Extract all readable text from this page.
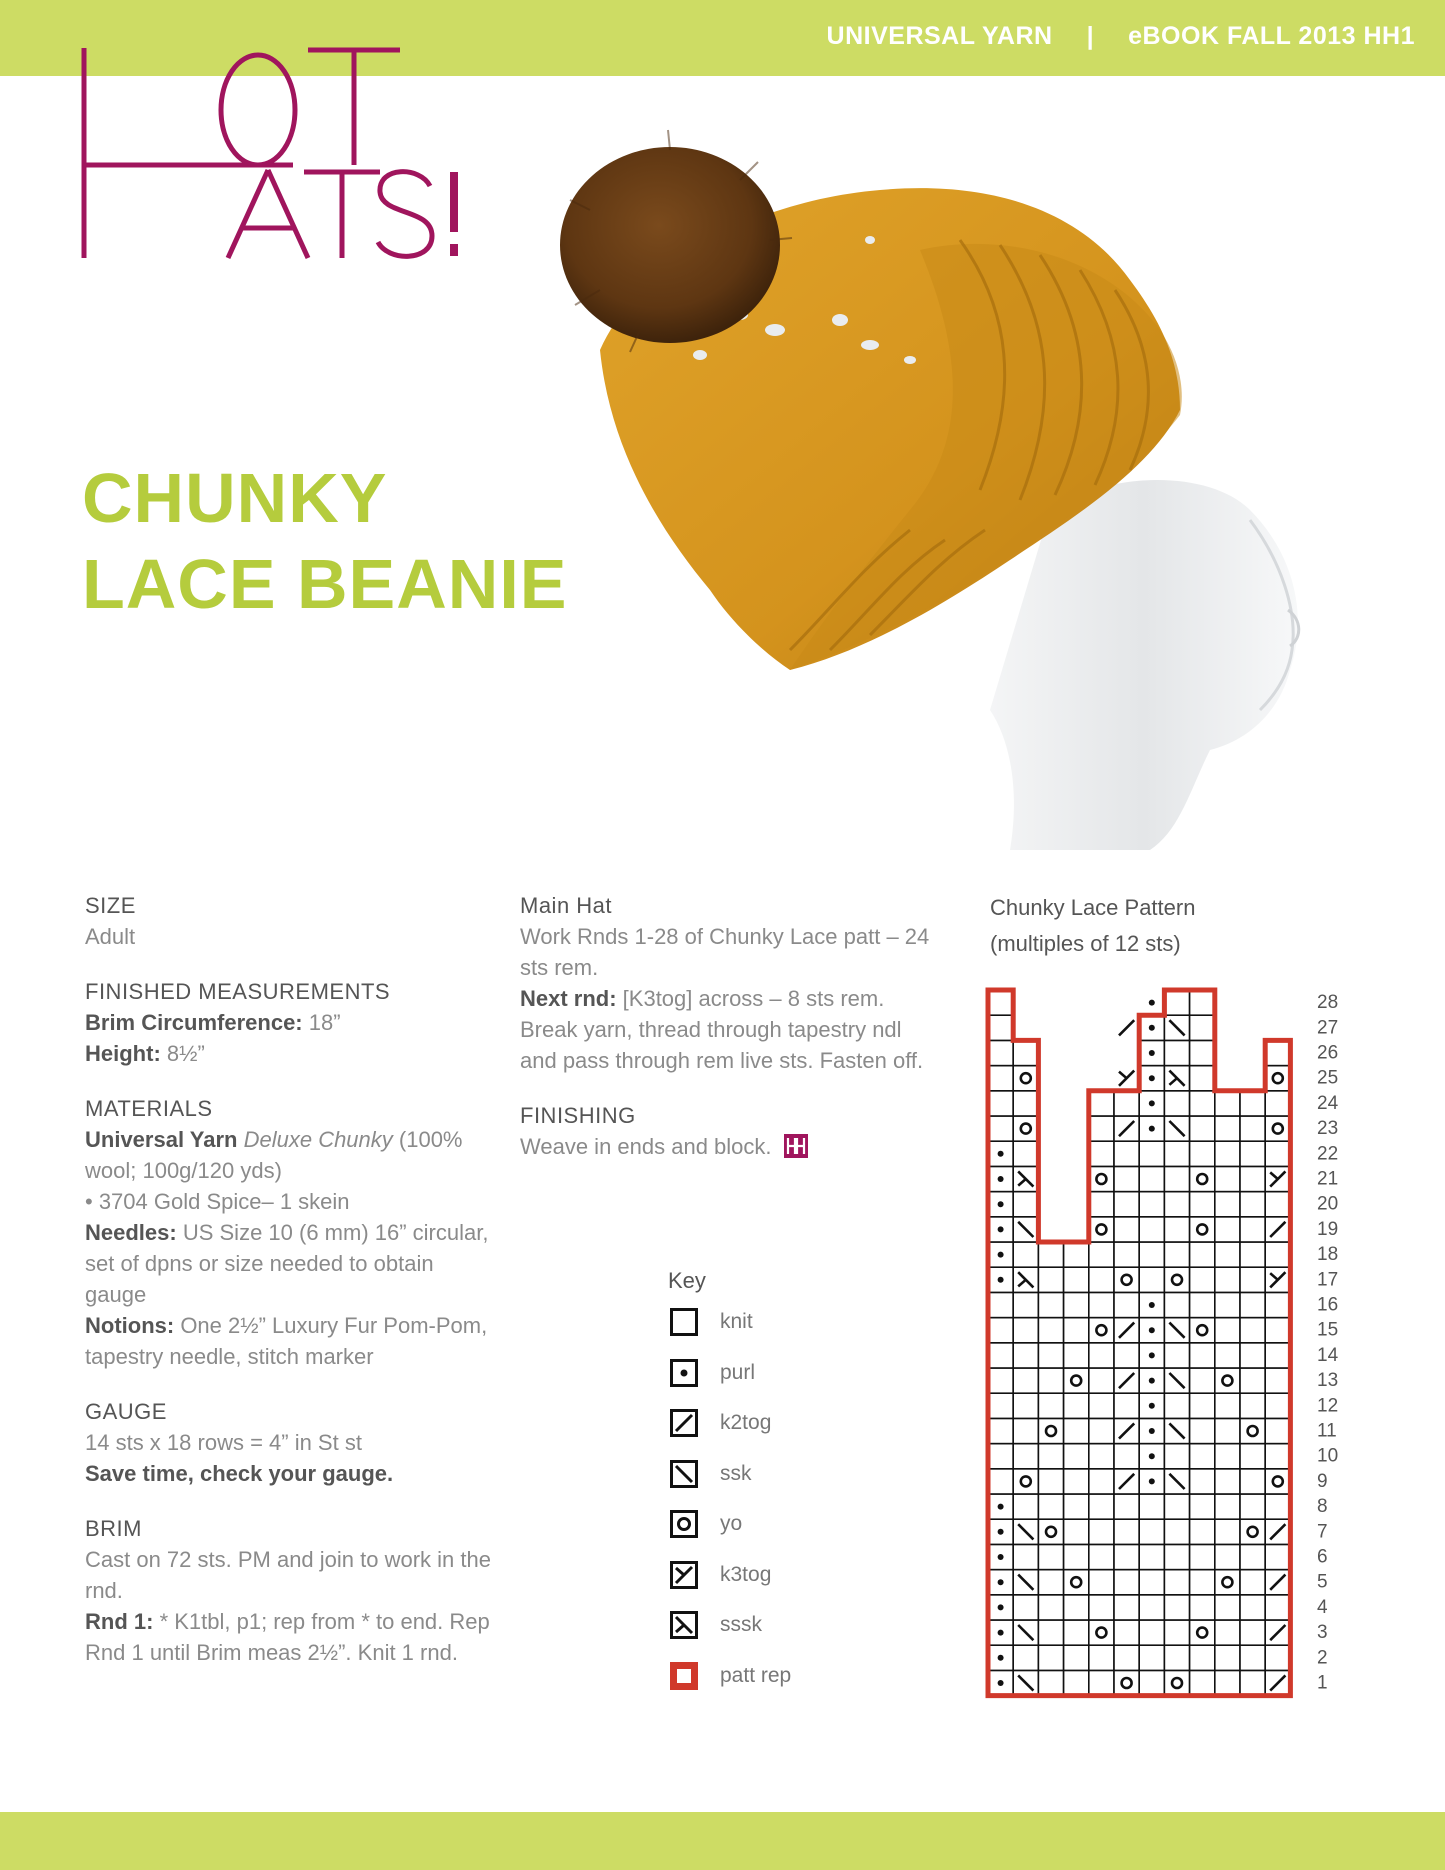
UNIVERSAL YARN | eBOOK FALL 2013 HH1
CHUNKY
LACE BEANIE
SIZE
Adult
FINISHED MEASUREMENTS
Brim Circumference: 18”
Height: 8½”
MATERIALS
Universal Yarn Deluxe Chunky (100% wool; 100g/120 yds)
• 3704 Gold Spice– 1 skein
Needles: US Size 10 (6 mm) 16” circular, set of dpns or size needed to obtain gauge
Notions: One 2½” Luxury Fur Pom-Pom, tapestry needle, stitch marker
GAUGE
14 sts x 18 rows = 4” in St st
Save time, check your gauge.
BRIM
Cast on 72 sts. PM and join to work in the rnd.
Rnd 1: * K1tbl, p1; rep from * to end. Rep Rnd 1 until Brim meas 2½”. Knit 1 rnd.
Main Hat
Work Rnds 1-28 of Chunky Lace patt – 24 sts rem.
Next rnd: [K3tog] across – 8 sts rem. Break yarn, thread through tapestry ndl and pass through rem live sts. Fasten off.
FINISHING
Weave in ends and block.
Key
knit
purl
k2tog
ssk
yo
k3tog
sssk
patt rep
Chunky Lace Pattern
(multiples of 12 sts)
28
27
26
25
24
23
22
21
20
19
18
17
16
15
14
13
12
11
10
9
8
7
6
5
4
3
2
1
